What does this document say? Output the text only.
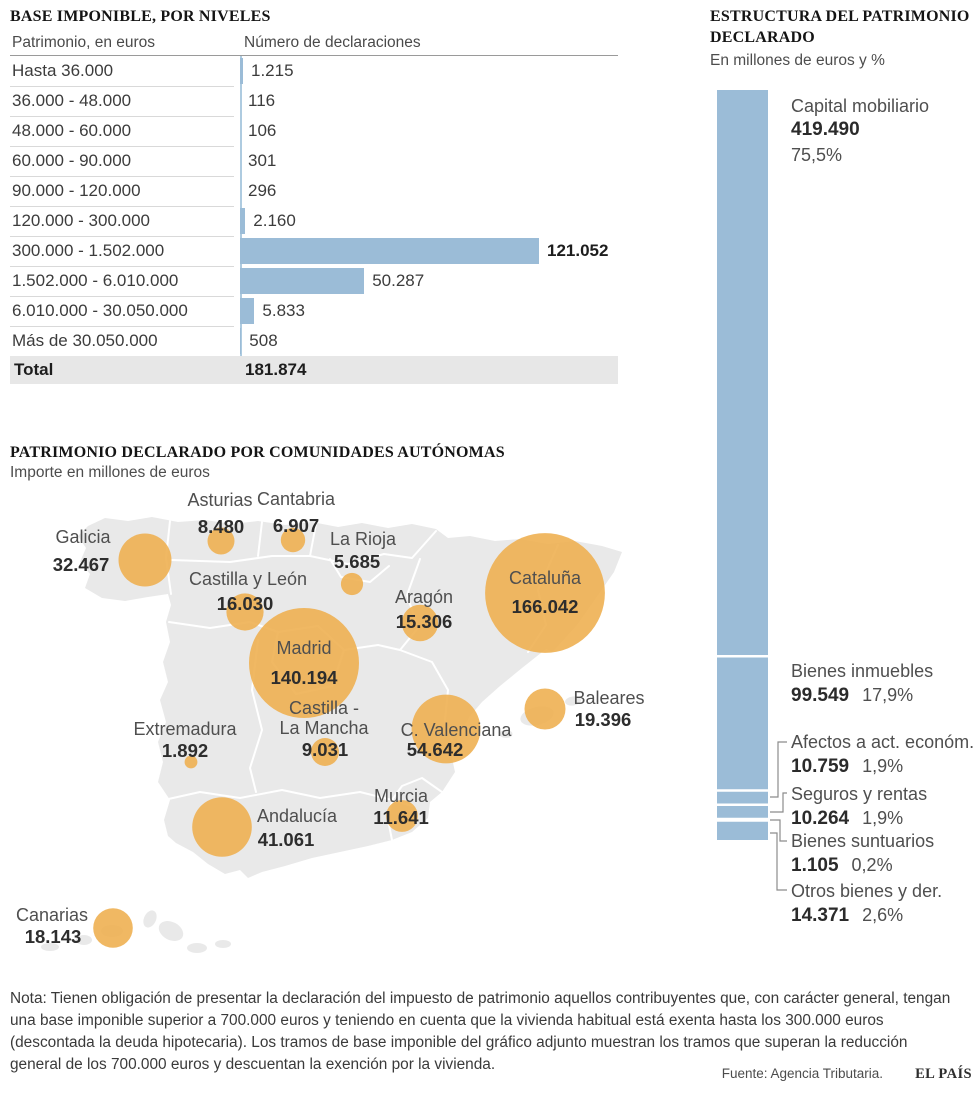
BASE IMPONIBLE, POR NIVELES
Patrimonio, en euros	Número de declaraciones
Hasta 36.000	1.215
36.000 - 48.000	116
48.000 - 60.000	106
60.000 - 90.000	301
90.000 - 120.000	296
120.000 - 300.000	2.160
300.000 - 1.502.000	121.052
1.502.000 - 6.010.000	50.287
6.010.000 - 30.050.000	5.833
Más de 30.050.000	508
Total	181.874
PATRIMONIO DECLARADO POR COMUNIDADES AUTÓNOMAS
Importe en millones de euros
Galicia
32.467
Asturias
8.480
Cantabria
6.907
La Rioja
5.685
Castilla y León
16.030	Aragón
15.306
Cataluña
166.042
Madrid
140.194
Castilla -
La Mancha
9.031
Extremadura
1.892
C. Valenciana
54.642
Baleares
19.396
Murcia
11.641
Andalucía
41.061
Canarias
18.143
ESTRUCTURA DEL PATRIMONIO DECLARADO
En millones de euros y %
Capital mobiliario
419.490
75,5%
Bienes inmuebles
99.549 17,9%
Afectos a act. económ.
10.759 1,9%
Seguros y rentas
10.264 1,9%
Bienes suntuarios
1.105 0,2%
Otros bienes y der.
14.371 2,6%

Nota: Tienen obligación de presentar la declaración del impuesto de patrimonio aquellos contribuyentes que, con carácter general, tengan una base imponible superior a 700.000 euros y teniendo en cuenta que la vivienda habitual está exenta hasta los 300.000 euros (descontada la deuda hipotecaria). Los tramos de base imponible del gráfico adjunto muestran los tramos que superan la reducción general de los 700.000 euros y descuentan la exención por la vivienda.

Fuente: Agencia Tributaria. EL PAÍS
